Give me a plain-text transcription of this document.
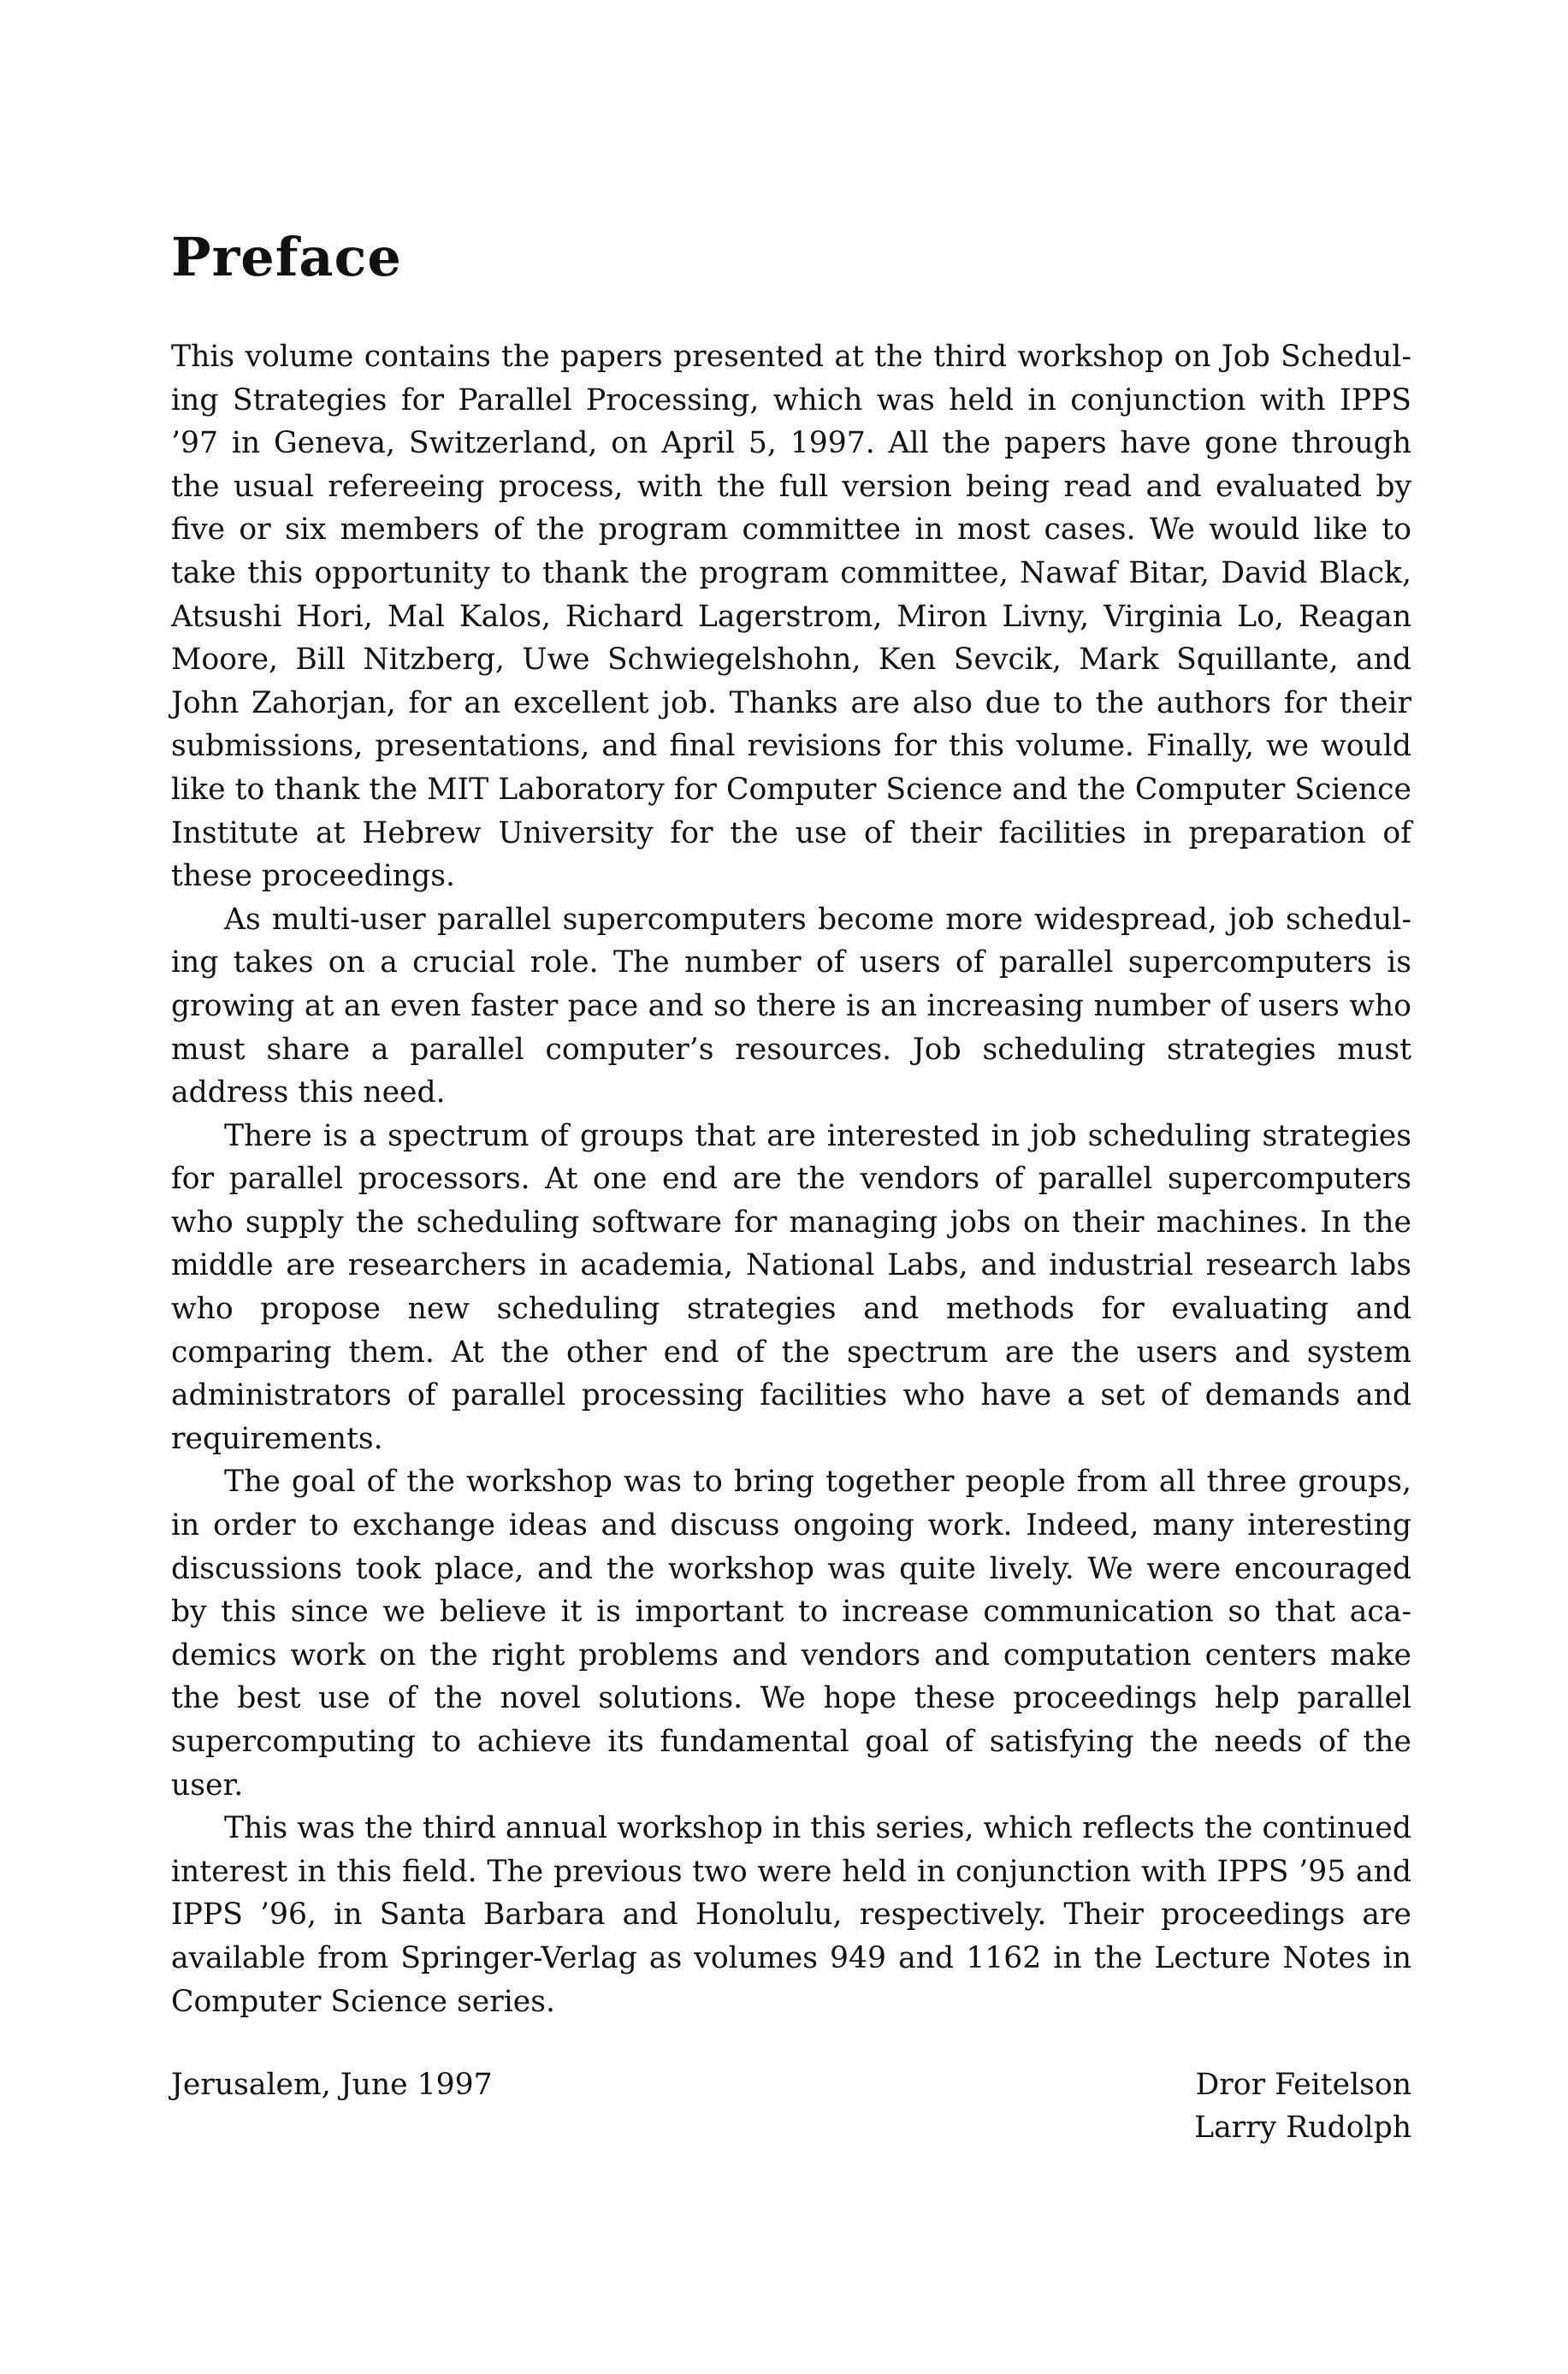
Preface

This volume contains the papers presented at the third workshop on Job Scheduling Strategies for Parallel Processing, which was held in conjunction with IPPS ’97 in Geneva, Switzerland, on April 5, 1997. All the papers have gone through the usual refereeing process, with the full version being read and evaluated by five or six members of the program committee in most cases. We would like to take this opportunity to thank the program committee, Nawaf Bitar, David Black, Atsushi Hori, Mal Kalos, Richard Lagerstrom, Miron Livny, Virginia Lo, Reagan Moore, Bill Nitzberg, Uwe Schwiegelshohn, Ken Sevcik, Mark Squillante, and John Zahorjan, for an excellent job. Thanks are also due to the authors for their submissions, presentations, and final revisions for this volume. Finally, we would like to thank the MIT Laboratory for Computer Science and the Computer Science Institute at Hebrew University for the use of their facilities in preparation of these proceedings.

As multi-user parallel supercomputers become more widespread, job scheduling takes on a crucial role. The number of users of parallel supercomputers is growing at an even faster pace and so there is an increasing number of users who must share a parallel computer’s resources. Job scheduling strategies must address this need.

There is a spectrum of groups that are interested in job scheduling strategies for parallel processors. At one end are the vendors of parallel supercomputers who supply the scheduling software for managing jobs on their machines. In the middle are researchers in academia, National Labs, and industrial research labs who propose new scheduling strategies and methods for evaluating and comparing them. At the other end of the spectrum are the users and system administrators of parallel processing facilities who have a set of demands and requirements.

The goal of the workshop was to bring together people from all three groups, in order to exchange ideas and discuss ongoing work. Indeed, many interesting discussions took place, and the workshop was quite lively. We were encouraged by this since we believe it is important to increase communication so that academics work on the right problems and vendors and computation centers make the best use of the novel solutions. We hope these proceedings help parallel supercomputing to achieve its fundamental goal of satisfying the needs of the user.

This was the third annual workshop in this series, which reflects the continued interest in this field. The previous two were held in conjunction with IPPS ’95 and IPPS ’96, in Santa Barbara and Honolulu, respectively. Their proceedings are available from Springer-Verlag as volumes 949 and 1162 in the Lecture Notes in Computer Science series.

Jerusalem, June 1997	Dror Feitelson
Larry Rudolph
